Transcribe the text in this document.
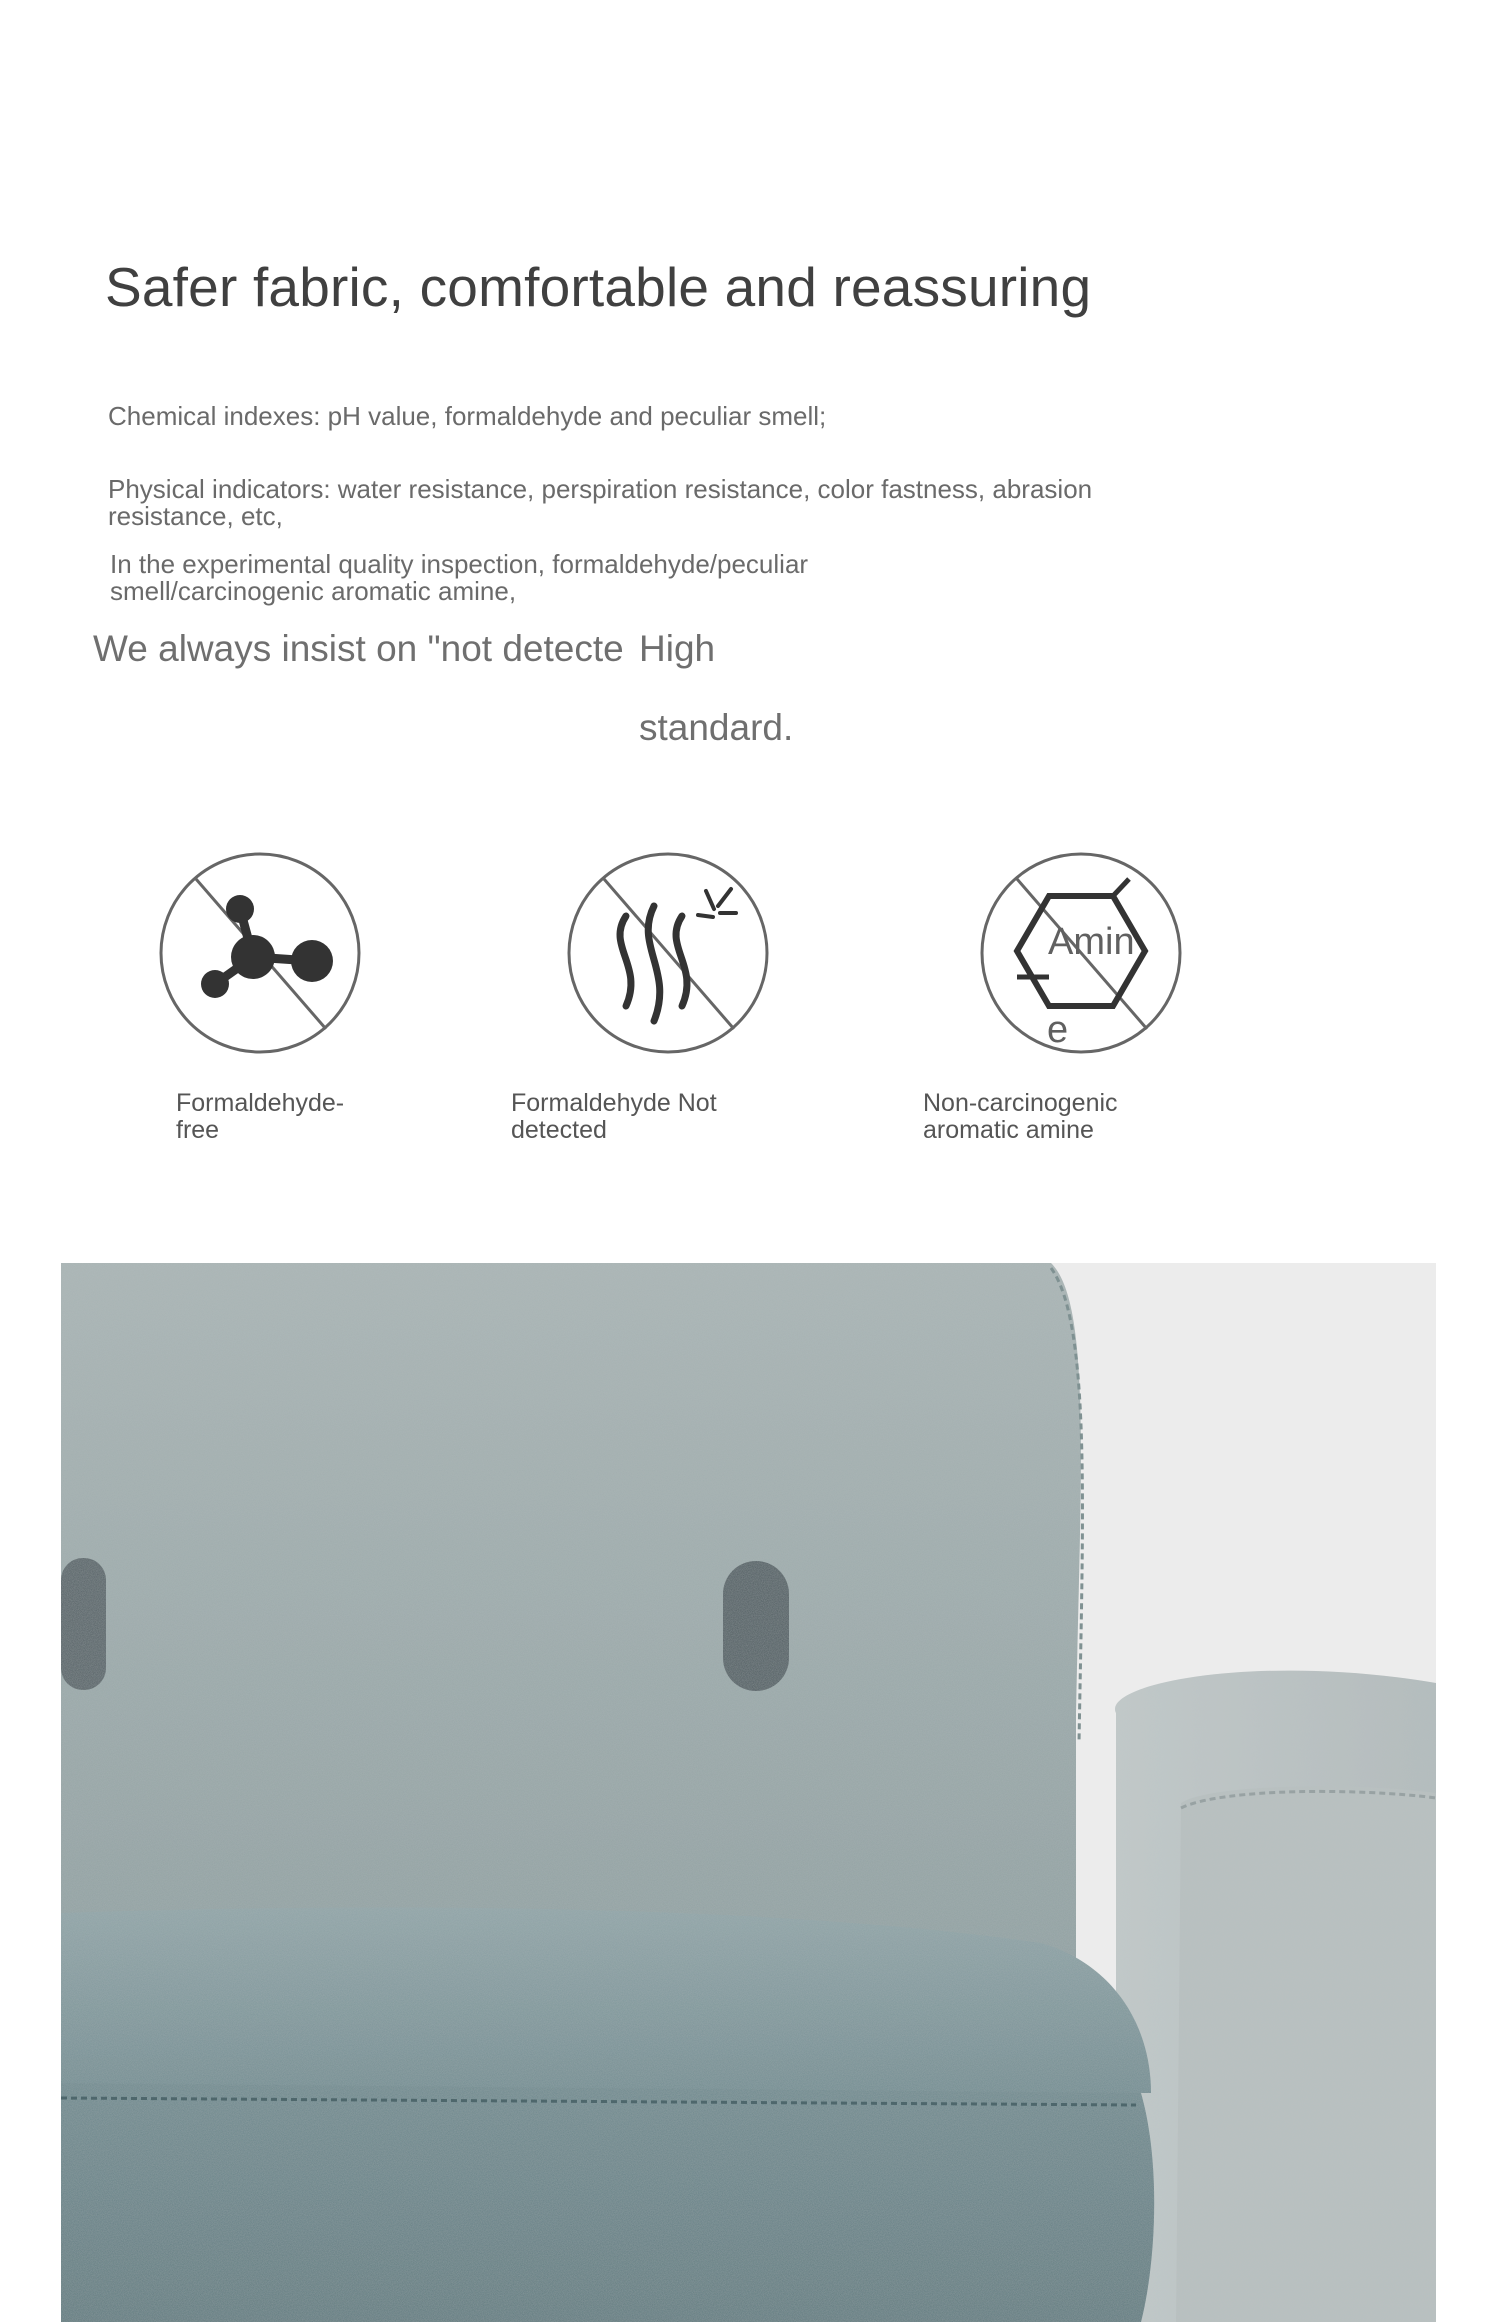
Safer fabric, comfortable and reassuring
Chemical indexes: pH value, formaldehyde and peculiar smell;
Physical indicators: water resistance, perspiration resistance, color fastness, abrasion resistance, etc,
In the experimental quality inspection, formaldehyde/peculiar smell/carcinogenic aromatic amine,
We always insist on "not detecte High
standard.
Amin
e
Formaldehyde-free
Formaldehyde Not detected
Non-carcinogenic aromatic amine
